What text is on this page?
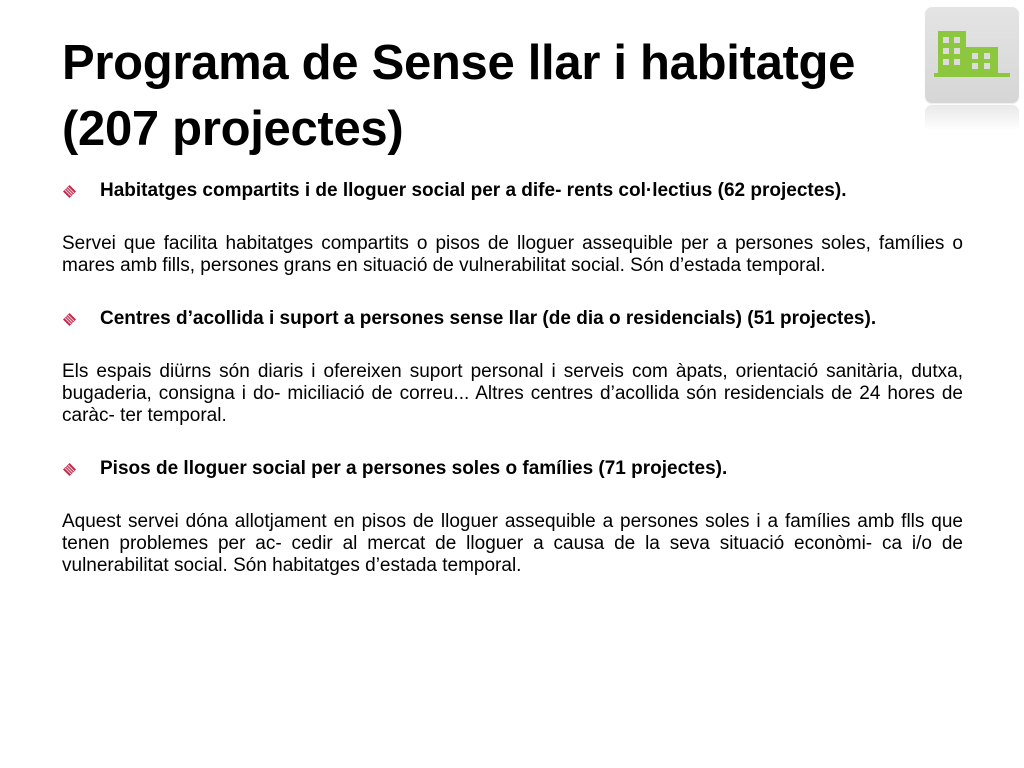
Programa de Sense llar i habitatge (207 projectes)
Habitatges compartits i de lloguer social per a dife- rents col·lectius (62 projectes).
Servei que facilita habitatges compartits o pisos de lloguer assequible per a persones soles, famílies o mares amb fills, persones grans en situació de vulnerabilitat social. Són d’estada temporal.
Centres d’acollida i suport a persones sense llar (de dia o residencials) (51 projectes).
Els espais diürns són diaris i ofereixen suport personal i serveis com àpats, orientació sanitària, dutxa, bugaderia, consigna i do- miciliació de correu... Altres centres d’acollida són residencials de 24 hores de caràc- ter temporal.
Pisos de lloguer social per a persones soles o famílies (71 projectes).
Aquest servei dóna allotjament en pisos de lloguer assequible a persones soles i a famílies amb flls que tenen problemes per ac- cedir al mercat de lloguer a causa de la seva situació econòmi- ca i/o de vulnerabilitat social. Són habitatges d’estada temporal.
